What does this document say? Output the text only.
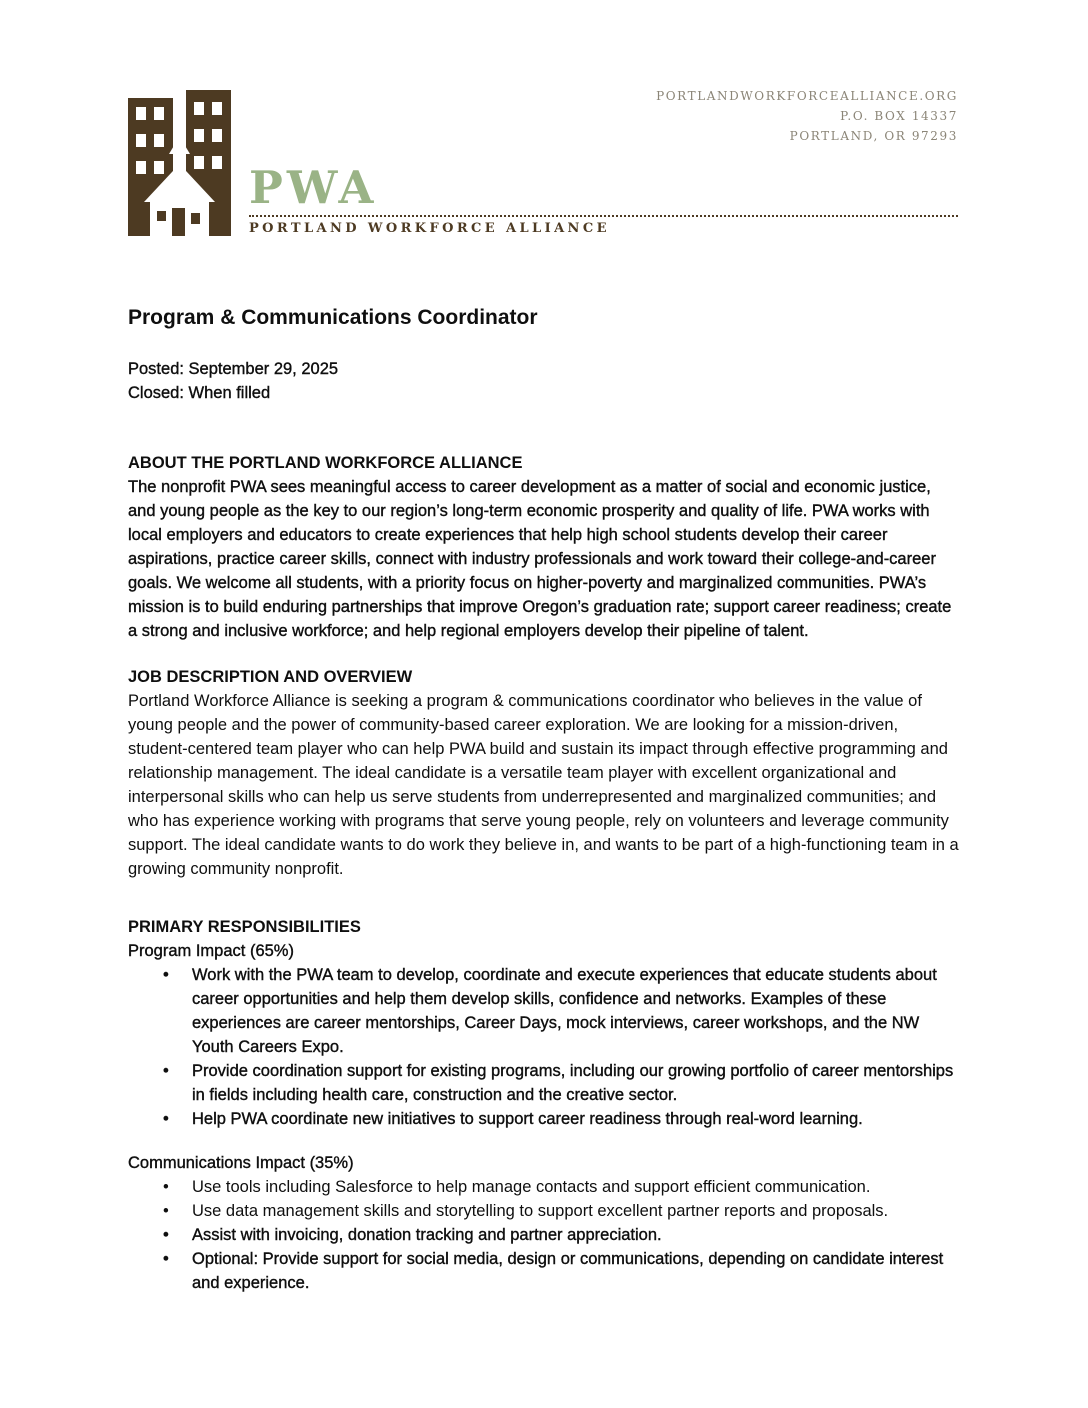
PWA
PORTLAND WORKFORCE ALLIANCE
PORTLANDWORKFORCEALLIANCE.ORG
P.O. BOX 14337
PORTLAND, OR 97293
Program & Communications Coordinator
Posted: September 29, 2025
Closed: When filled
ABOUT THE PORTLAND WORKFORCE ALLIANCE

The nonprofit PWA sees meaningful access to career development as a matter of social and economic justice, and young people as the key to our region’s long-term economic prosperity and quality of life. PWA works with local employers and educators to create experiences that help high school students develop their career aspirations, practice career skills, connect with industry professionals and work toward their college-and-career goals. We welcome all students, with a priority focus on higher-poverty and marginalized communities. PWA’s mission is to build enduring partnerships that improve Oregon’s graduation rate; support career readiness; create a strong and inclusive workforce; and help regional employers develop their pipeline of talent.

JOB DESCRIPTION AND OVERVIEW

Portland Workforce Alliance is seeking a program & communications coordinator who believes in the value of young people and the power of community-based career exploration. We are looking for a mission-driven, student-centered team player who can help PWA build and sustain its impact through effective programming and relationship management. The ideal candidate is a versatile team player with excellent organizational and interpersonal skills who can help us serve students from underrepresented and marginalized communities; and who has experience working with programs that serve young people, rely on volunteers and leverage community support. The ideal candidate wants to do work they believe in, and wants to be part of a high-functioning team in a growing community nonprofit.

PRIMARY RESPONSIBILITIES
Program Impact (65%)
• Work with the PWA team to develop, coordinate and execute experiences that educate students about career opportunities and help them develop skills, confidence and networks. Examples of these experiences are career mentorships, Career Days, mock interviews, career workshops, and the NW Youth Careers Expo.
• Provide coordination support for existing programs, including our growing portfolio of career mentorships in fields including health care, construction and the creative sector.
• Help PWA coordinate new initiatives to support career readiness through real-word learning.
Communications Impact (35%)
• Use tools including Salesforce to help manage contacts and support efficient communication.
• Use data management skills and storytelling to support excellent partner reports and proposals.
• Assist with invoicing, donation tracking and partner appreciation.
• Optional: Provide support for social media, design or communications, depending on candidate interest and experience.
